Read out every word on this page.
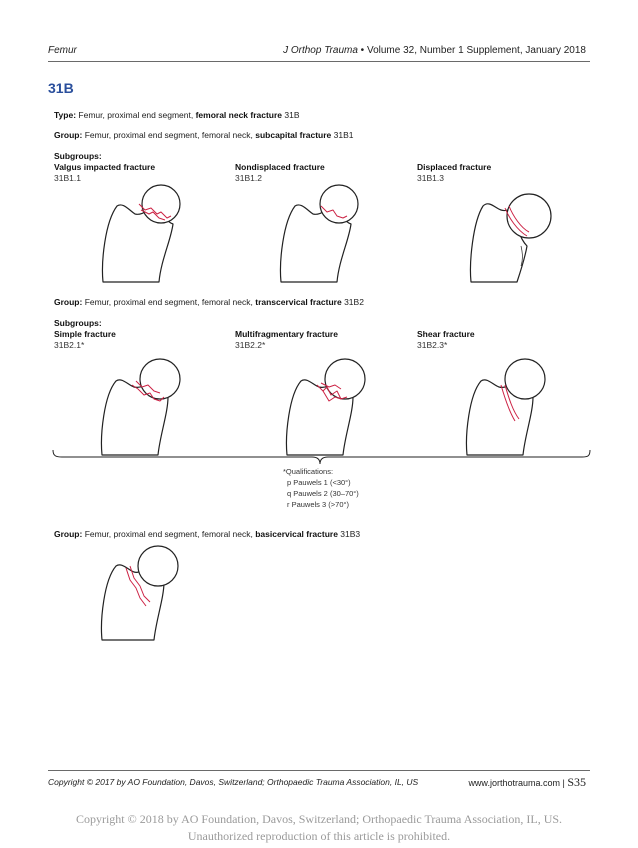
Femur	J Orthop Trauma • Volume 32, Number 1 Supplement, January 2018
31B
Type: Femur, proximal end segment, femoral neck fracture 31B
Group: Femur, proximal end segment, femoral neck, subcapital fracture 31B1
Subgroups:
Valgus impacted fracture
31B1.1
Nondisplaced fracture
31B1.2
Displaced fracture
31B1.3
Group: Femur, proximal end segment, femoral neck, transcervical fracture 31B2
Subgroups:
Simple fracture
31B2.1*
Multifragmentary fracture
31B2.2*
Shear fracture
31B2.3*
*Qualifications:
p Pauwels 1 (<30°)
q Pauwels 2 (30–70°)
r Pauwels 3 (>70°)
Group: Femur, proximal end segment, femoral neck, basicervical fracture 31B3
Copyright © 2017 by AO Foundation, Davos, Switzerland; Orthopaedic Trauma Association, IL, US	www.jorthotrauma.com | S35
Copyright © 2018 by AO Foundation, Davos, Switzerland; Orthopaedic Trauma Association, IL, US.
Unauthorized reproduction of this article is prohibited.
